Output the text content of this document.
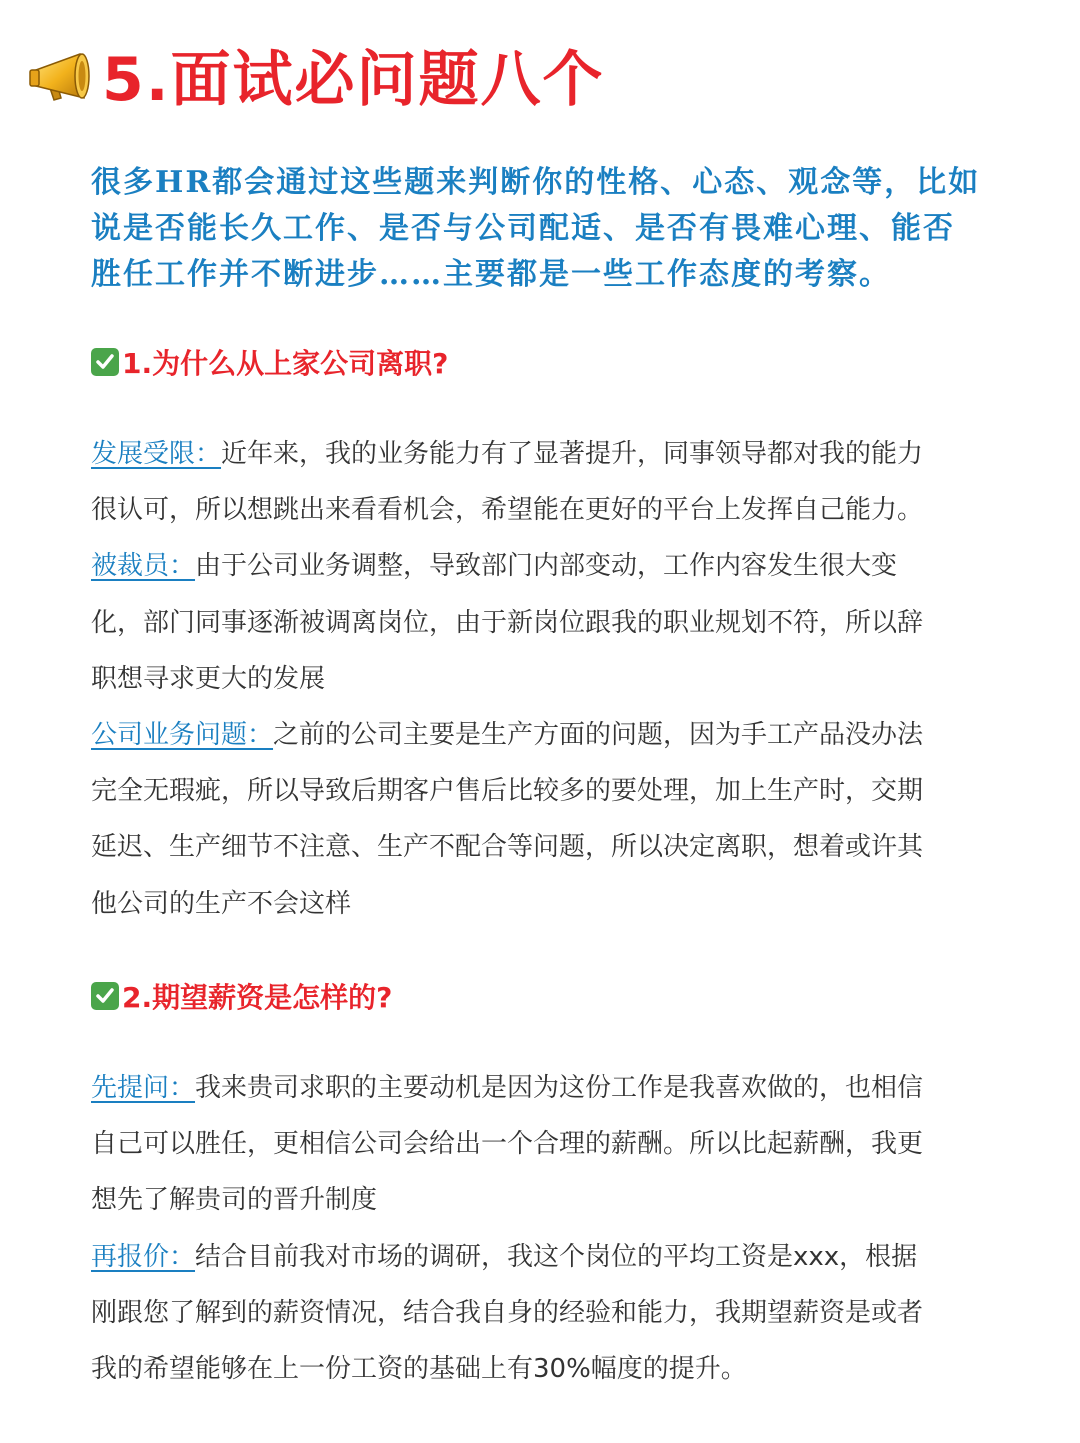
5.面试必问题八个

很多HR都会通过这些题来判断你的性格、心态、观念等，比如

说是否能长久工作、是否与公司配适、是否有畏难心理、能否

胜任工作并不断进步……主要都是一些工作态度的考察。

1.为什么从上家公司离职?

发展受限：近年来，我的业务能力有了显著提升，同事领导都对我的能力

很认可，所以想跳出来看看机会，希望能在更好的平台上发挥自己能力。

被裁员：由于公司业务调整，导致部门内部变动，工作内容发生很大变

化，部门同事逐渐被调离岗位，由于新岗位跟我的职业规划不符，所以辞

职想寻求更大的发展

公司业务问题：之前的公司主要是生产方面的问题，因为手工产品没办法

完全无瑕疵，所以导致后期客户售后比较多的要处理，加上生产时，交期

延迟、生产细节不注意、生产不配合等问题，所以决定离职，想着或许其

他公司的生产不会这样

2.期望薪资是怎样的?

先提问：我来贵司求职的主要动机是因为这份工作是我喜欢做的，也相信

自己可以胜任，更相信公司会给出一个合理的薪酬。所以比起薪酬，我更

想先了解贵司的晋升制度

再报价：结合目前我对市场的调研，我这个岗位的平均工资是xxx，根据

刚跟您了解到的薪资情况，结合我自身的经验和能力，我期望薪资是或者

我的希望能够在上一份工资的基础上有30%幅度的提升。
